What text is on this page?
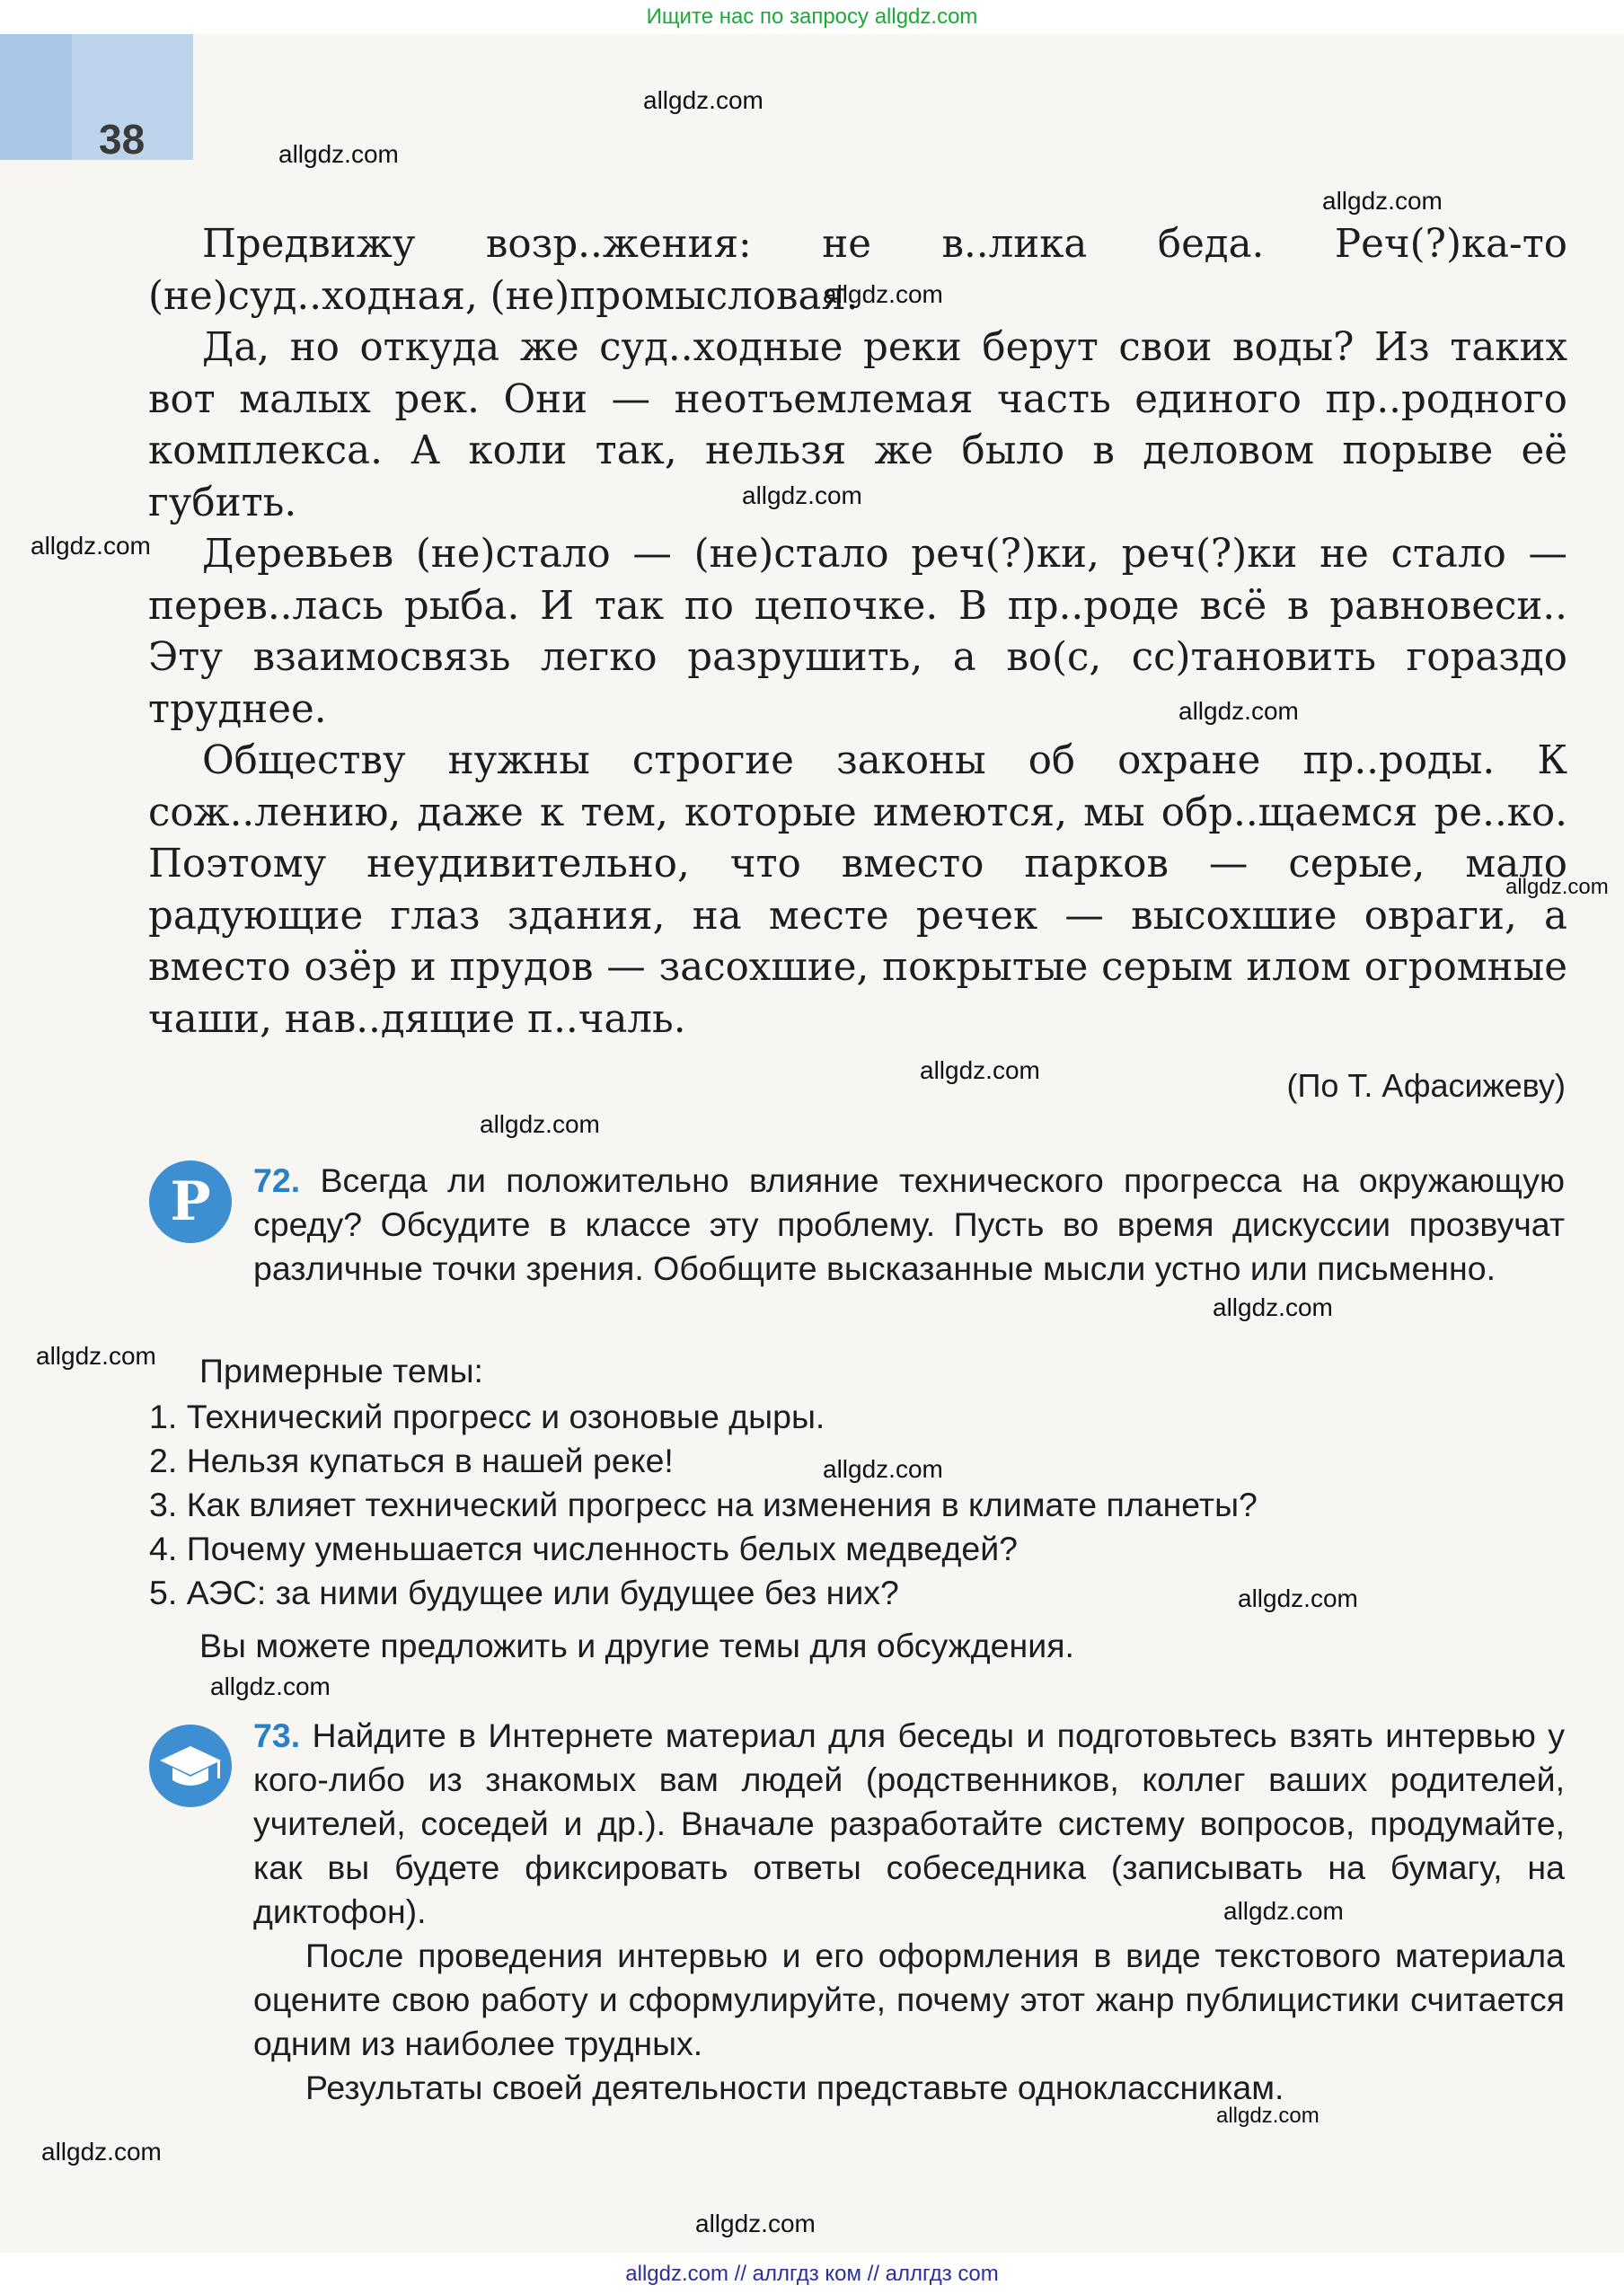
Ищите нас по запросу allgdz.com
38

Предвижу возр..жения: не в..лика беда. Реч(?)ка-то (не)суд..ходная, (не)промысловая.

Да, но откуда же суд..ходные реки берут свои воды? Из таких вот малых рек. Они — неотъемлемая часть единого пр..родного комплекса. А коли так, нельзя же было в деловом порыве её губить.

Деревьев (не)стало — (не)стало реч(?)ки, реч(?)ки не стало — перев..лась рыба. И так по цепочке. В пр..роде всё в равновеси.. Эту взаимосвязь легко разрушить, а во(с, сс)тановить гораздо труднее.

Обществу нужны строгие законы об охране пр..роды. К сож..лению, даже к тем, которые имеются, мы обр..щаемся ре..ко. Поэтому неудивительно, что вместо парков — серые, мало радующие глаз здания, на месте речек — высохшие овраги, а вместо озёр и прудов — засохшие, покрытые серым илом огромные чаши, нав..дящие п..чаль.

(По Т. Афасижеву)
Р	72. Всегда ли положительно влияние технического прогресса на окружающую среду? Обсудите в классе эту проблему. Пусть во время дискуссии прозвучат различные точки зрения. Обобщите высказанные мысли устно или письменно.
Примерные темы:
1. Технический прогресс и озоновые дыры.
2. Нельзя купаться в нашей реке!
3. Как влияет технический прогресс на изменения в климате планеты?
4. Почему уменьшается численность белых медведей?
5. АЭС: за ними будущее или будущее без них?
Вы можете предложить и другие темы для обсуждения.
73. Найдите в Интернете материал для беседы и подготовьтесь взять интервью у кого-либо из знакомых вам людей (родственников, коллег ваших родителей, учителей, соседей и др.). Вначале разработайте систему вопросов, продумайте, как вы будете фиксировать ответы собеседника (записывать на бумагу, на диктофон).
После проведения интервью и его оформления в виде текстового материала оцените свою работу и сформулируйте, почему этот жанр публицистики считается одним из наиболее трудных.
Результаты своей деятельности представьте одноклассникам.
allgdz.com
allgdz.com
allgdz.com
allgdz.com
allgdz.com
allgdz.com
allgdz.com
allgdz.com
allgdz.com
allgdz.com
allgdz.com
allgdz.com
allgdz.com
allgdz.com
allgdz.com
allgdz.com
allgdz.com
allgdz.com
allgdz.com
allgdz.com // аллгдз ком // аллгдз com
